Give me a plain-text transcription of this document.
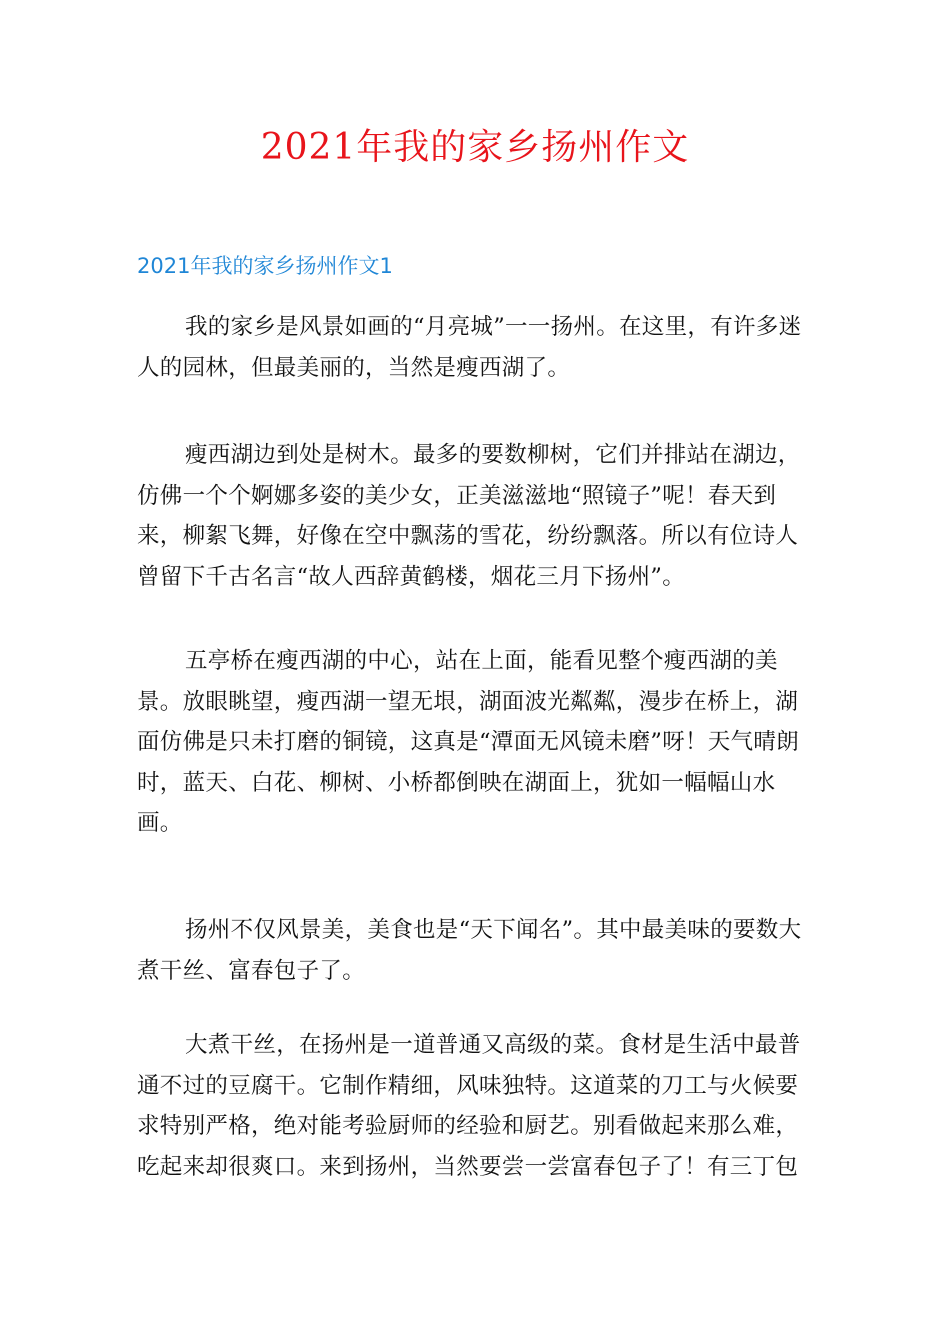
2021年我的家乡扬州作文
2021年我的家乡扬州作文1

我的家乡是风景如画的“月亮城”一一扬州。在这里，有许多迷人的园林，但最美丽的，当然是瘦西湖了。

瘦西湖边到处是树木。最多的要数柳树，它们并排站在湖边，仿佛一个个婀娜多姿的美少女，正美滋滋地“照镜子”呢！春天到来，柳絮飞舞，好像在空中飘荡的雪花，纷纷飘落。所以有位诗人曾留下千古名言“故人西辞黄鹤楼，烟花三月下扬州”。

五亭桥在瘦西湖的中心，站在上面，能看见整个瘦西湖的美景。放眼眺望，瘦西湖一望无垠，湖面波光粼粼，漫步在桥上，湖面仿佛是只未打磨的铜镜，这真是“潭面无风镜未磨”呀！天气晴朗时，蓝天、白花、柳树、小桥都倒映在湖面上，犹如一幅幅山水画。

扬州不仅风景美，美食也是“天下闻名”。其中最美味的要数大煮干丝、富春包子了。

大煮干丝，在扬州是一道普通又高级的菜。食材是生活中最普通不过的豆腐干。它制作精细，风味独特。这道菜的刀工与火候要求特别严格，绝对能考验厨师的经验和厨艺。别看做起来那么难，吃起来却很爽口。来到扬州，当然要尝一尝富春包子了！有三丁包
